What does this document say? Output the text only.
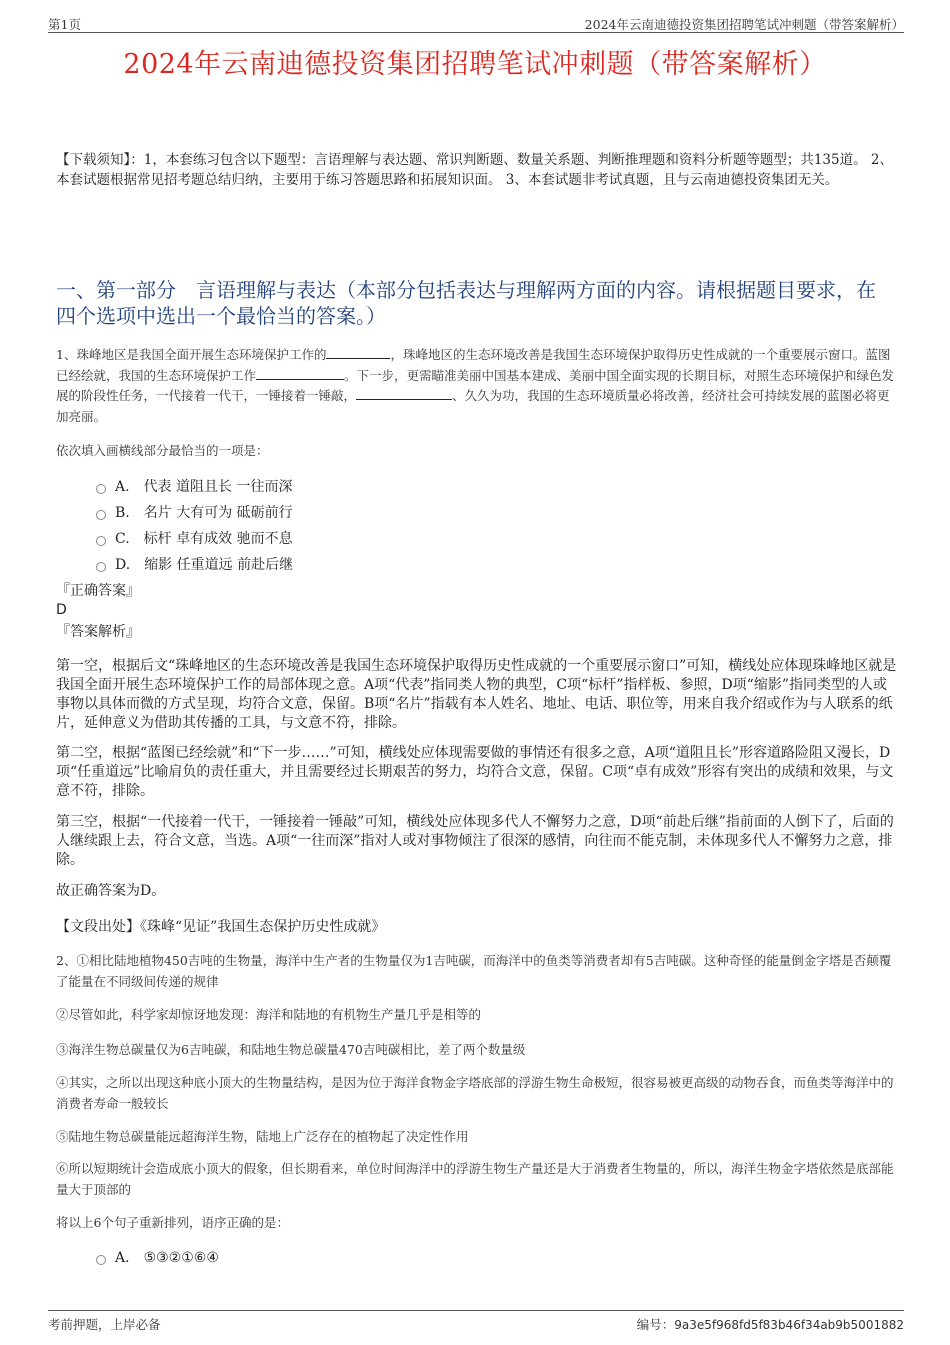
第1页	2024年云南迪德投资集团招聘笔试冲刺题（带答案解析）
2024年云南迪德投资集团招聘笔试冲刺题（带答案解析）
【下载须知】：1，本套练习包含以下题型：言语理解与表达题、常识判断题、数量关系题、判断推理题和资料分析题等题型；共135道。 2、本套试题根据常见招考题总结归纳，主要用于练习答题思路和拓展知识面。 3、本套试题非考试真题，且与云南迪德投资集团无关。
一、第一部分　言语理解与表达（本部分包括表达与理解两方面的内容。请根据题目要求，在四个选项中选出一个最恰当的答案。）
1、珠峰地区是我国全面开展生态环境保护工作的	，珠峰地区的生态环境改善是我国生态环境保护取得历史性成就的一个重要展示窗口。蓝图已经绘就，我国的生态环境保护工作	。下一步，更需瞄准美丽中国基本建成、美丽中国全面实现的长期目标，对照生态环境保护和绿色发展的阶段性任务，一代接着一代干，一锤接着一锤敲，	、久久为功，我国的生态环境质量必将改善，经济社会可持续发展的蓝图必将更加亮丽。
依次填入画横线部分最恰当的一项是：
A. 代表 道阻且长 一往而深
B. 名片 大有可为 砥砺前行
C. 标杆 卓有成效 驰而不息
D. 缩影 任重道远 前赴后继
『正确答案』
D
『答案解析』
第一空，根据后文“珠峰地区的生态环境改善是我国生态环境保护取得历史性成就的一个重要展示窗口”可知，横线处应体现珠峰地区就是我国全面开展生态环境保护工作的局部体现之意。A项“代表”指同类人物的典型，C项“标杆”指样板、参照，D项“缩影”指同类型的人或事物以具体而微的方式呈现，均符合文意，保留。B项“名片”指载有本人姓名、地址、电话、职位等，用来自我介绍或作为与人联系的纸片，延伸意义为借助其传播的工具，与文意不符，排除。
第二空，根据“蓝图已经绘就”和“下一步……”可知，横线处应体现需要做的事情还有很多之意，A项“道阻且长”形容道路险阻又漫长，D项“任重道远”比喻肩负的责任重大，并且需要经过长期艰苦的努力，均符合文意，保留。C项“卓有成效”形容有突出的成绩和效果，与文意不符，排除。
第三空，根据“一代接着一代干，一锤接着一锤敲”可知，横线处应体现多代人不懈努力之意，D项“前赴后继”指前面的人倒下了，后面的人继续跟上去，符合文意，当选。A项“一往而深”指对人或对事物倾注了很深的感情，向往而不能克制，未体现多代人不懈努力之意，排除。
故正确答案为D。
【文段出处】《珠峰“见证”我国生态保护历史性成就》
2、①相比陆地植物450吉吨的生物量，海洋中生产者的生物量仅为1吉吨碳，而海洋中的鱼类等消费者却有5吉吨碳。这种奇怪的能量倒金字塔是否颠覆了能量在不同级间传递的规律
②尽管如此，科学家却惊讶地发现：海洋和陆地的有机物生产量几乎是相等的
③海洋生物总碳量仅为6吉吨碳，和陆地生物总碳量470吉吨碳相比，差了两个数量级
④其实，之所以出现这种底小顶大的生物量结构，是因为位于海洋食物金字塔底部的浮游生物生命极短，很容易被更高级的动物吞食，而鱼类等海洋中的消费者寿命一般较长
⑤陆地生物总碳量能远超海洋生物，陆地上广泛存在的植物起了决定性作用
⑥所以短期统计会造成底小顶大的假象，但长期看来，单位时间海洋中的浮游生物生产量还是大于消费者生物量的，所以，海洋生物金字塔依然是底部能量大于顶部的
将以上6个句子重新排列，语序正确的是：
A. ⑤③②①⑥④
考前押题，上岸必备	编号：9a3e5f968fd5f83b46f34ab9b5001882
